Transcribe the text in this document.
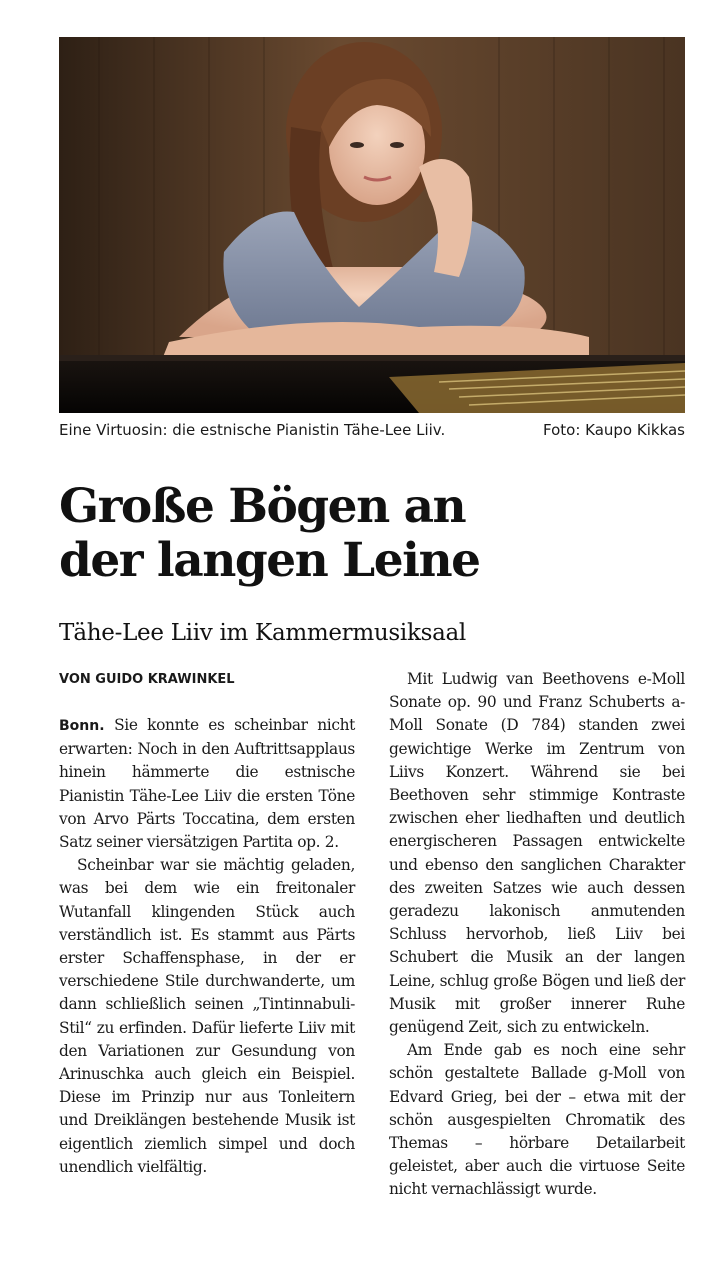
Eine Virtuosin: die estnische Pianistin Tähe-Lee Liiv.	Foto: Kaupo Kikkas
Große Bögen an
der langen Leine
Tähe-Lee Liiv im Kammermusiksaal
VON GUIDO KRAWINKEL

Bonn. Sie konnte es scheinbar nicht erwarten: Noch in den Auftrittsapplaus hinein hämmerte die estnische Pianistin Tähe-Lee Liiv die ersten Töne von Arvo Pärts Toccatina, dem ersten Satz seiner viersätzigen Partita op. 2.

Scheinbar war sie mächtig geladen, was bei dem wie ein freitonaler Wutanfall klingenden Stück auch verständlich ist. Es stammt aus Pärts erster Schaffensphase, in der er verschiedene Stile durchwanderte, um dann schließlich seinen „Tintinnabuli-Stil“ zu erfinden. Dafür lieferte Liiv mit den Variationen zur Gesundung von Arinuschka auch gleich ein Beispiel. Diese im Prinzip nur aus Tonleitern und Dreiklängen bestehende Musik ist eigentlich ziemlich simpel und doch unendlich vielfältig.

Mit Ludwig van Beethovens e-Moll Sonate op. 90 und Franz Schuberts a-Moll Sonate (D 784) standen zwei gewichtige Werke im Zentrum von Liivs Konzert. Während sie bei Beethoven sehr stimmige Kontraste zwischen eher liedhaften und deutlich energischeren Passagen entwickelte und ebenso den sanglichen Charakter des zweiten Satzes wie auch dessen geradezu lakonisch anmutenden Schluss hervorhob, ließ Liiv bei Schubert die Musik an der langen Leine, schlug große Bögen und ließ der Musik mit großer innerer Ruhe genügend Zeit, sich zu entwickeln.

Am Ende gab es noch eine sehr schön gestaltete Ballade g-Moll von Edvard Grieg, bei der – etwa mit der schön ausgespielten Chromatik des Themas – hörbare Detailarbeit geleistet, aber auch die virtuose Seite nicht vernachlässigt wurde.
